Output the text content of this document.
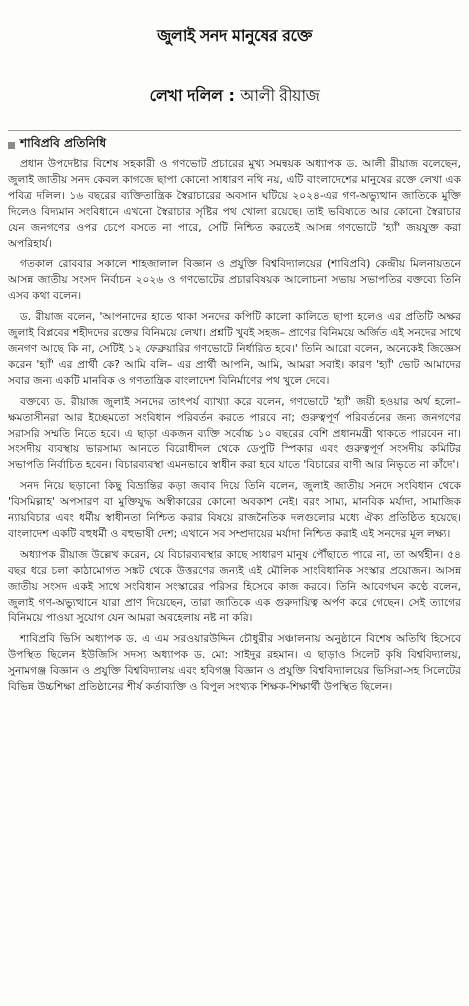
জুলাই সনদ মানুষের রক্তে
লেখা দলিল : আলী রীয়াজ
শাবিপ্রবি প্রতিনিধি

প্রধান উপদেষ্টার বিশেষ সহকারী ও গণভোট প্রচারের মুখ্য সমন্বয়ক অধ্যাপক ড. আলী রীয়াজ বলেছেন, জুলাই জাতীয় সনদ কেবল কাগজে ছাপা কোনো সাধারণ নথি নয়, এটি বাংলাদেশের মানুষের রক্তে লেখা এক পবিত্র দলিল। ১৬ বছরের ব্যক্তিতান্ত্রিক স্বৈরাচারের অবসান ঘটিয়ে ২০২৪-এর গণ-অভ্যুত্থান জাতিকে মুক্তি দিলেও বিদ্যমান সংবিধানে এখনো স্বৈরাচার সৃষ্টির পথ খোলা রয়েছে। তাই ভবিষ্যতে আর কোনো স্বৈরাচার যেন জনগণের ওপর চেপে বসতে না পারে, সেটি নিশ্চিত করতেই আসন্ন গণভোটে 'হ্যাঁ' জয়যুক্ত করা অপরিহার্য।

গতকাল রোববার সকালে শাহজালাল বিজ্ঞান ও প্রযুক্তি বিশ্ববিদ্যালয়ের (শাবিপ্রবি) কেন্দ্রীয় মিলনায়তনে আসন্ন জাতীয় সংসদ নির্বাচন ২০২৬ ও গণভোটের প্রচারবিষয়ক আলোচনা সভায় সভাপতির বক্তব্যে তিনি এসব কথা বলেন।

ড. রীয়াজ বলেন, 'আপনাদের হাতে থাকা সনদের কপিটি কালো কালিতে ছাপা হলেও এর প্রতিটি অক্ষর জুলাই বিপ্লবের শহীদদের রক্তের বিনিময়ে লেখা। প্রশ্নটি খুবই সহজ– প্রাণের বিনিময়ে অর্জিত এই সনদের সাথে জনগণ আছে কি না, সেটিই ১২ ফেব্রুয়ারির গণভোটে নির্ধারিত হবে।' তিনি আরো বলেন, অনেকেই জিজ্ঞেস করেন 'হ্যাঁ' এর প্রার্থী কে? আমি বলি– এর প্রার্থী আপনি, আমি, আমরা সবাই। কারণ 'হ্যাঁ' ভোট আমাদের সবার জন্য একটি মানবিক ও গণতান্ত্রিক বাংলাদেশ বিনির্মাণের পথ খুলে দেবে।

বক্তব্যে ড. রীয়াজ জুলাই সনদের তাৎপর্য ব্যাখ্যা করে বলেন, গণভোটে 'হ্যাঁ' জয়ী হওয়ার অর্থ হলো– ক্ষমতাসীনরা আর ইচ্ছেমতো সংবিধান পরিবর্তন করতে পারবে না; গুরুত্বপূর্ণ পরিবর্তনের জন্য জনগণের সরাসরি সম্মতি নিতে হবে। এ ছাড়া একজন ব্যক্তি সর্বোচ্চ ১০ বছরের বেশি প্রধানমন্ত্রী থাকতে পারবেন না। সংসদীয় ব্যবস্থায় ভারসাম্য আনতে বিরোধীদল থেকে ডেপুটি স্পিকার এবং গুরুত্বপূর্ণ সংসদীয় কমিটির সভাপতি নির্বাচিত হবেন। বিচারব্যবস্থা এমনভাবে স্বাধীন করা হবে যাতে 'বিচারের বাণী আর নিভৃতে না কাঁদে'।

সনদ নিয়ে ছড়ানো কিছু বিভ্রান্তির কড়া জবাব দিয়ে তিনি বলেন, জুলাই জাতীয় সনদে সংবিধান থেকে 'বিসমিল্লাহ' অপসারণ বা মুক্তিযুদ্ধ অস্বীকারের কোনো অবকাশ নেই। বরং সাম্য, মানবিক মর্যাদা, সামাজিক ন্যায়বিচার এবং ধর্মীয় স্বাধীনতা নিশ্চিত করার বিষয়ে রাজনৈতিক দলগুলোর মধ্যে ঐক্য প্রতিষ্ঠিত হয়েছে। বাংলাদেশ একটি বহুধর্মী ও বহুভাষী দেশ; এখানে সব সম্প্রদায়ের মর্যাদা নিশ্চিত করাই এই সনদের মূল লক্ষ্য।

অধ্যাপক রীয়াজ উল্লেখ করেন, যে বিচারব্যবস্থার কাছে সাধারণ মানুষ পৌঁছাতে পারে না, তা অর্থহীন। ৫৪ বছর ধরে চলা কাঠামোগত সঙ্কট থেকে উত্তরণের জন্যই এই মৌলিক সাংবিধানিক সংস্কার প্রয়োজন। আসন্ন জাতীয় সংসদ একই সাথে সংবিধান সংস্কারের পরিসর হিসেবে কাজ করবে। তিনি আবেগঘন কণ্ঠে বলেন, জুলাই গণ-অভ্যুত্থানে যারা প্রাণ দিয়েছেন, তারা জাতিকে এক গুরুদায়িত্ব অর্পণ করে গেছেন। সেই ত্যাগের বিনিময়ে পাওয়া সুযোগ যেন আমরা অবহেলায় নষ্ট না করি।

শাবিপ্রবি ভিসি অধ্যাপক ড. এ এম সরওয়ারউদ্দিন চৌধুরীর সঞ্চালনায় অনুষ্ঠানে বিশেষ অতিথি হিসেবে উপস্থিত ছিলেন ইউজিসি সদস্য অধ্যাপক ড. মো: সাইদুর রহমান। এ ছাড়াও সিলেট কৃষি বিশ্ববিদ্যালয়, সুনামগঞ্জ বিজ্ঞান ও প্রযুক্তি বিশ্ববিদ্যালয় এবং হবিগঞ্জ বিজ্ঞান ও প্রযুক্তি বিশ্ববিদ্যালয়ের ভিসিরা-সহ সিলেটের বিভিন্ন উচ্চশিক্ষা প্রতিষ্ঠানের শীর্ষ কর্তাব্যক্তি ও বিপুল সংখ্যক শিক্ষক-শিক্ষার্থী উপস্থিত ছিলেন।
